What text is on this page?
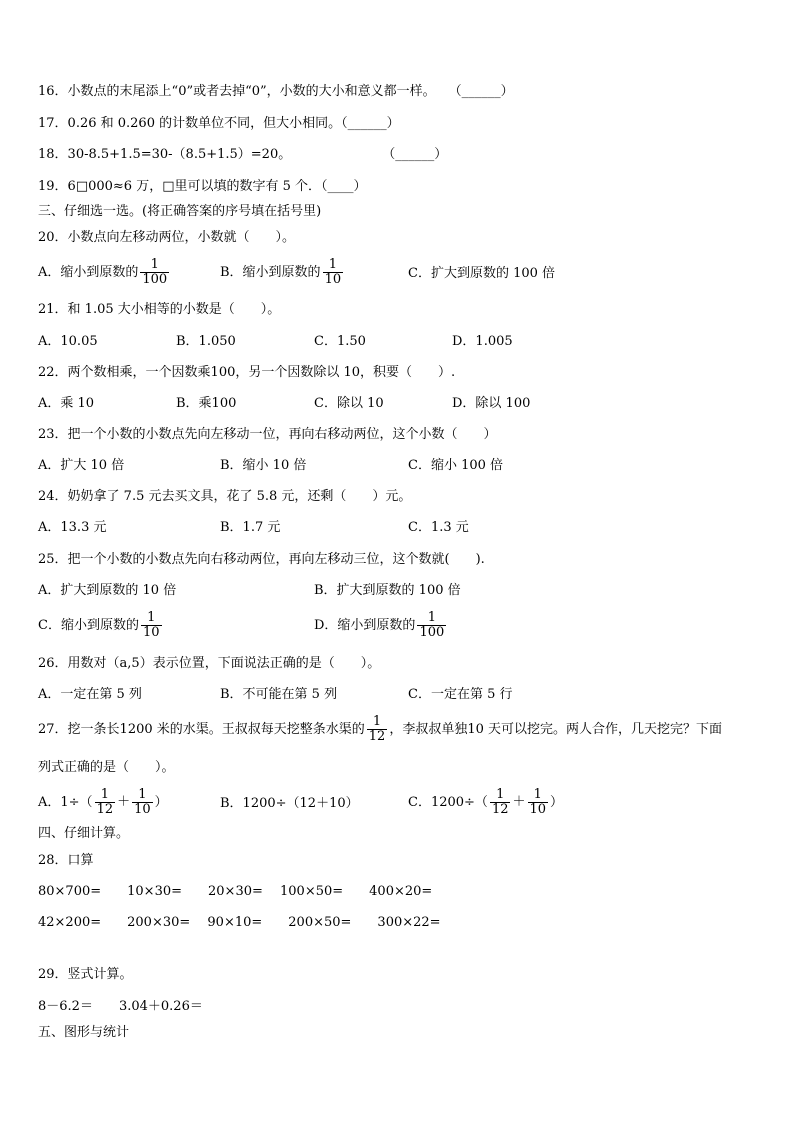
16．小数点的末尾添上“0”或者去掉“0”，小数的大小和意义都一样。　　（______）
17．0.26 和 0.260 的计数单位不同，但大小相同。（______）
18．30-8.5+1.5=30-（8.5+1.5）=20。　　　　　　　　（______）
19．6□000≈6 万，□里可以填的数字有 5 个．（____）
三、仔细选一选。(将正确答案的序号填在括号里)
20．小数点向左移动两位，小数就（　　）。
A．缩小到原数的 $\frac{1}{100}$	B．缩小到原数的 $\frac{1}{10}$	C．扩大到原数的 100 倍
21．和 1.05 大小相等的小数是（　　）。
A．10.05	B．1.050	C．1.50	D．1.005
22．两个数相乘，一个因数乘100，另一个因数除以 10，积要（　　）.
A．乘 10	B．乘100	C．除以 10	D．除以 100
23．把一个小数的小数点先向左移动一位，再向右移动两位，这个小数（　　）
A．扩大 10 倍	B．缩小 10 倍	C．缩小 100 倍
24．奶奶拿了 7.5 元去买文具，花了 5.8 元，还剩（　　）元。
A．13.3 元	B．1.7 元	C．1.3 元
25．把一个小数的小数点先向右移动两位，再向左移动三位，这个数就(　　).
A．扩大到原数的 10 倍	B．扩大到原数的 100 倍
C．缩小到原数的 $\frac{1}{10}$	D．缩小到原数的 $\frac{1}{100}$
26．用数对（a,5）表示位置，下面说法正确的是（　　）。
A．一定在第 5 列	B．不可能在第 5 列	C．一定在第 5 行
27．挖一条长1200 米的水渠。王叔叔每天挖整条水渠的 $\frac{1}{12}$ ，李叔叔单独10 天可以挖完。两人合作，几天挖完？下面
列式正确的是（　　）。
A．$1\div( \frac{1}{12} + \frac{1}{10}$ ）	B．1200÷（12＋10）	C．$1200\div( \frac{1}{12} + \frac{1}{10}$ ）
四、仔细计算。
28．口算
80×700=　　10×30=　　20×30=　 100×50=　　400×20=
42×200=　　200×30=　 90×10=　　200×50=　　300×22=
29．竖式计算。
8－6.2＝　　3.04＋0.26＝
五、图形与统计
